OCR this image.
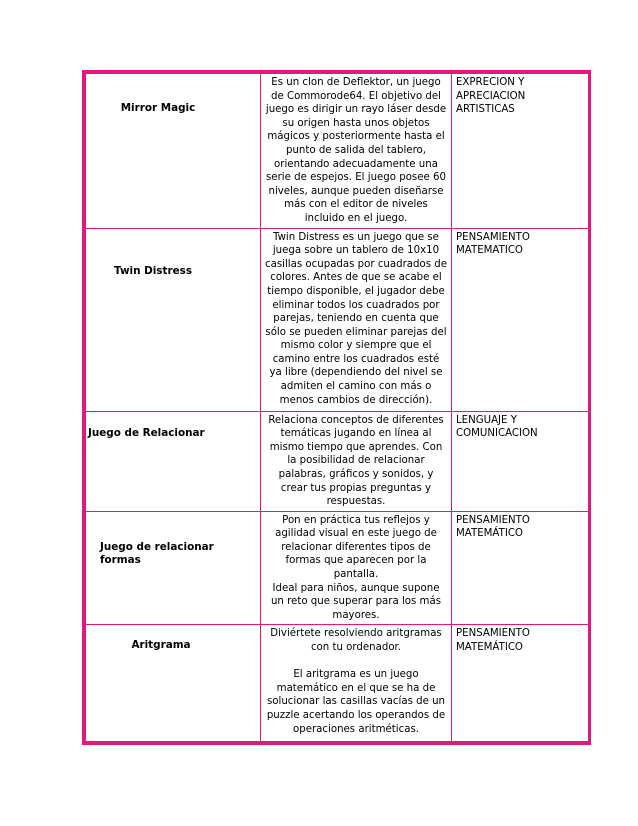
Mirror Magic	Es un clon de Deflektor, un juego de Commorode64. El objetivo del juego es dirigir un rayo láser desde su origen hasta unos objetos mágicos y posteriormente hasta el punto de salida del tablero, orientando adecuadamente una serie de espejos. El juego posee 60 niveles, aunque pueden diseñarse más con el editor de niveles incluido en el juego.	EXPRECION Y APRECIACION ARTISTICAS

Twin Distress	Twin Distress es un juego que se juega sobre un tablero de 10x10 casillas ocupadas por cuadrados de colores. Antes de que se acabe el tiempo disponible, el jugador debe eliminar todos los cuadrados por parejas, teniendo en cuenta que sólo se pueden eliminar parejas del mismo color y siempre que el camino entre los cuadrados esté ya libre (dependiendo del nivel se admiten el camino con más o menos cambios de dirección).	PENSAMIENTO MATEMATICO

Juego de Relacionar	Relaciona conceptos de diferentes temáticas jugando en línea al mismo tiempo que aprendes. Con la posibilidad de relacionar palabras, gráficos y sonidos, y crear tus propias preguntas y respuestas.	LENGUAJE Y COMUNICACION

Juego de relacionar formas	Pon en práctica tus reflejos y agilidad visual en este juego de relacionar diferentes tipos de formas que aparecen por la pantalla.
Ideal para niños, aunque supone un reto que superar para los más mayores.	PENSAMIENTO MATEMÁTICO

Aritgrama	Diviértete resolviendo aritgramas con tu ordenador.
El aritgrama es un juego matemático en el que se ha de solucionar las casillas vacías de un puzzle acertando los operandos de operaciones aritméticas.	PENSAMIENTO MATEMÁTICO
